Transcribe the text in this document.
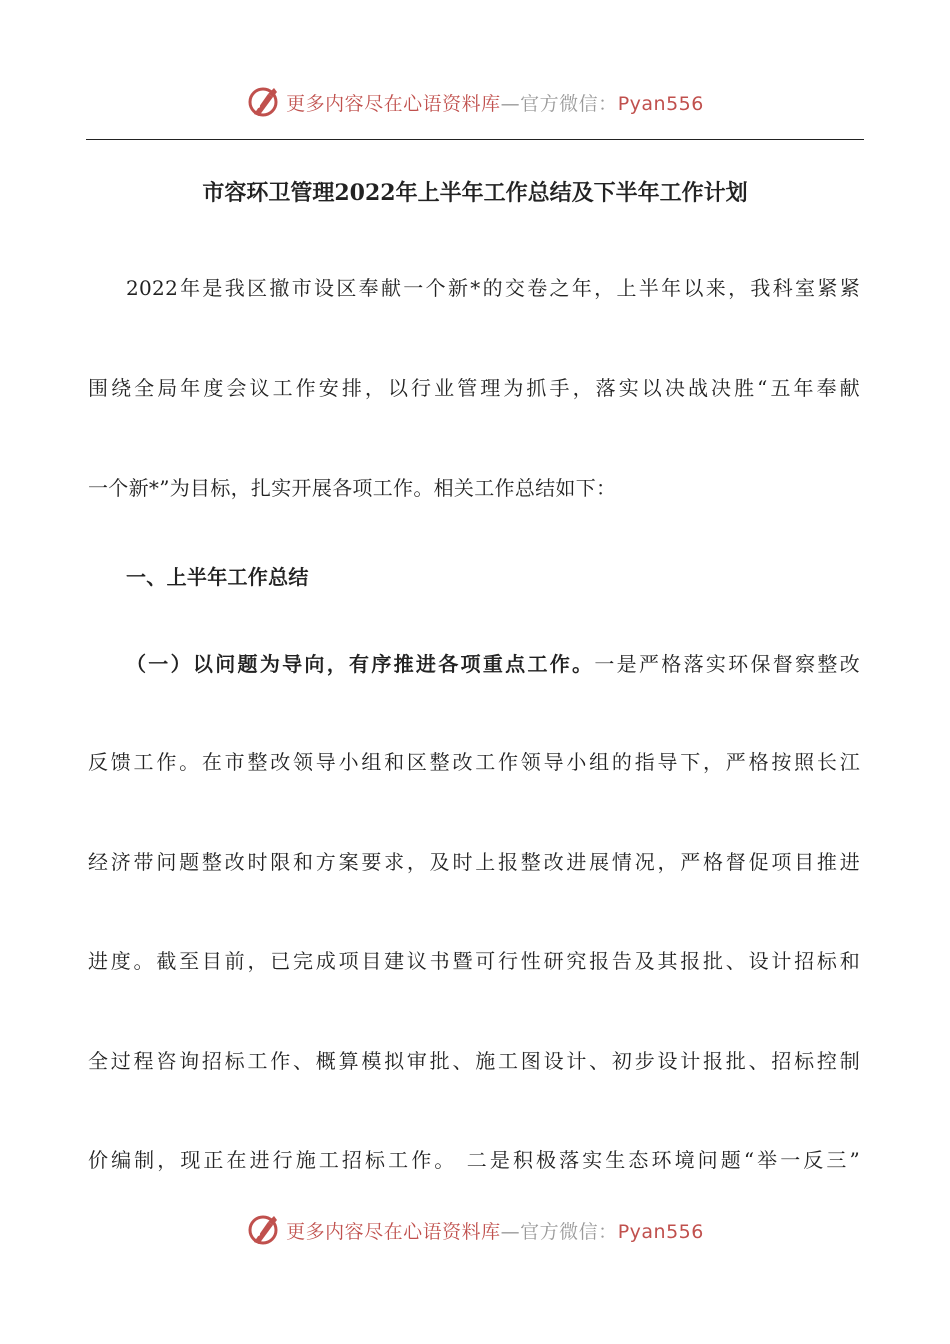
更多内容尽在心语资料库—官方微信：Pyan556
市容环卫管理2022年上半年工作总结及下半年工作计划
2022年是我区撤市设区奉献一个新*的交卷之年，上半年以来，我科室紧紧
围绕全局年度会议工作安排，以行业管理为抓手，落实以决战决胜“五年奉献
一个新*”为目标，扎实开展各项工作。相关工作总结如下：
一、上半年工作总结
（一）以问题为导向，有序推进各项重点工作。一是严格落实环保督察整改
反馈工作。在市整改领导小组和区整改工作领导小组的指导下，严格按照长江
经济带问题整改时限和方案要求，及时上报整改进展情况，严格督促项目推进
进度。截至目前，已完成项目建议书暨可行性研究报告及其报批、设计招标和
全过程咨询招标工作、概算模拟审批、施工图设计、初步设计报批、招标控制
价编制，现正在进行施工招标工作。 二是积极落实生态环境问题“举一反三”
更多内容尽在心语资料库—官方微信：Pyan556
